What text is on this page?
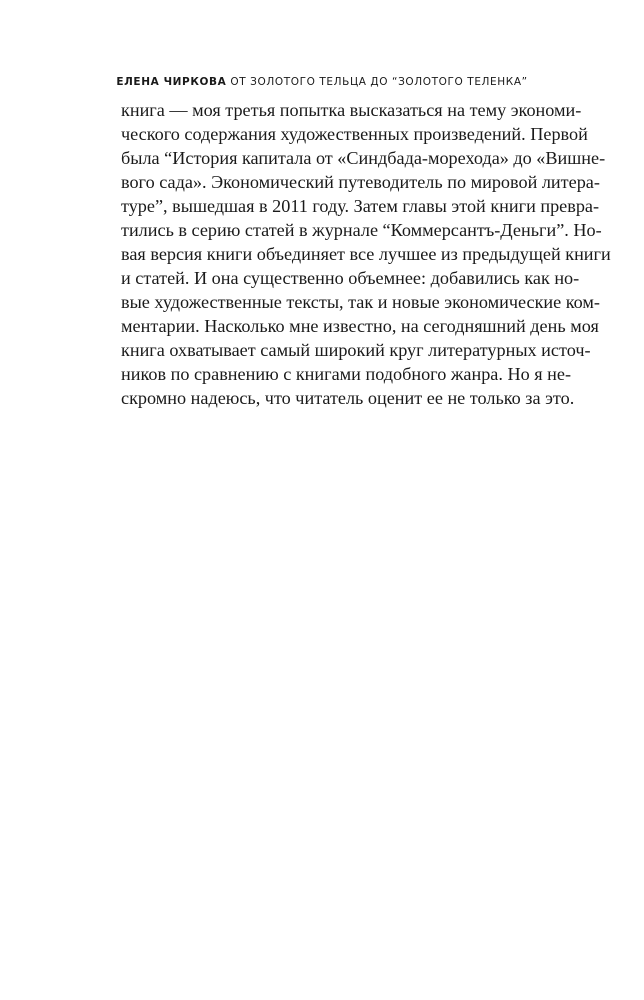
ЕЛЕНА ЧИРКОВА ОТ ЗОЛОТОГО ТЕЛЬЦА ДО “ЗОЛОТОГО ТЕЛЕНКА”
книга — моя третья попытка высказаться на тему экономи-
ческого содержания художественных произведений. Первой
была “История капитала от «Синдбада-морехода» до «Вишне-
вого сада». Экономический путеводитель по мировой литера-
туре”, вышедшая в 2011 году. Затем главы этой книги превра-
тились в серию статей в журнале “Коммерсантъ-Деньги”. Но-
вая версия книги объединяет все лучшее из предыдущей книги
и статей. И она существенно объемнее: добавились как но-
вые художественные тексты, так и новые экономические ком-
ментарии. Насколько мне известно, на сегодняшний день моя
книга охватывает самый широкий круг литературных источ-
ников по сравнению с книгами подобного жанра. Но я не-
скромно надеюсь, что читатель оценит ее не только за это.
